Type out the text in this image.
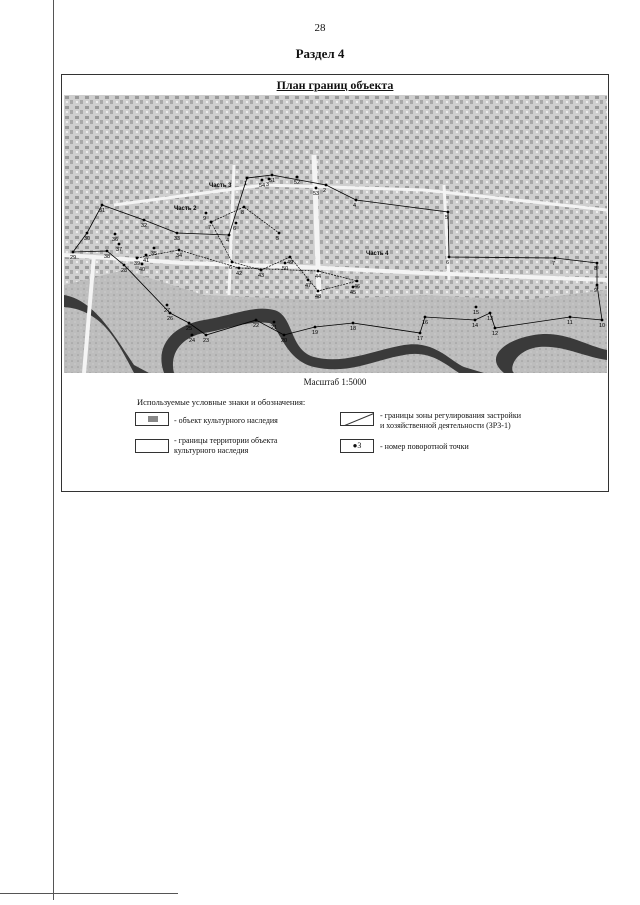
28
Раздел 4
План границ объекта
Часть 3
Часть 2
Часть 4
1
2
3
4
5
6	7
8
9
10
11
12
13
14
15
16
17
18
19
20
21
22
23
24
25
26
27
28
29
30
31
32
33
34
35
36
37
38
39
40
41
42	43	44
45
46
47
48
49
50
51	52
53
54
4	5
6
7
8
9
6
Масштаб 1:5000
Используемые условные знаки и обозначения:
- объект культурного наследия
- границы территории объекта
культурного наследия
- границы зоны регулирования застройки
и хозяйственной деятельности (ЗРЗ-1)
●3	- номер поворотной точки
